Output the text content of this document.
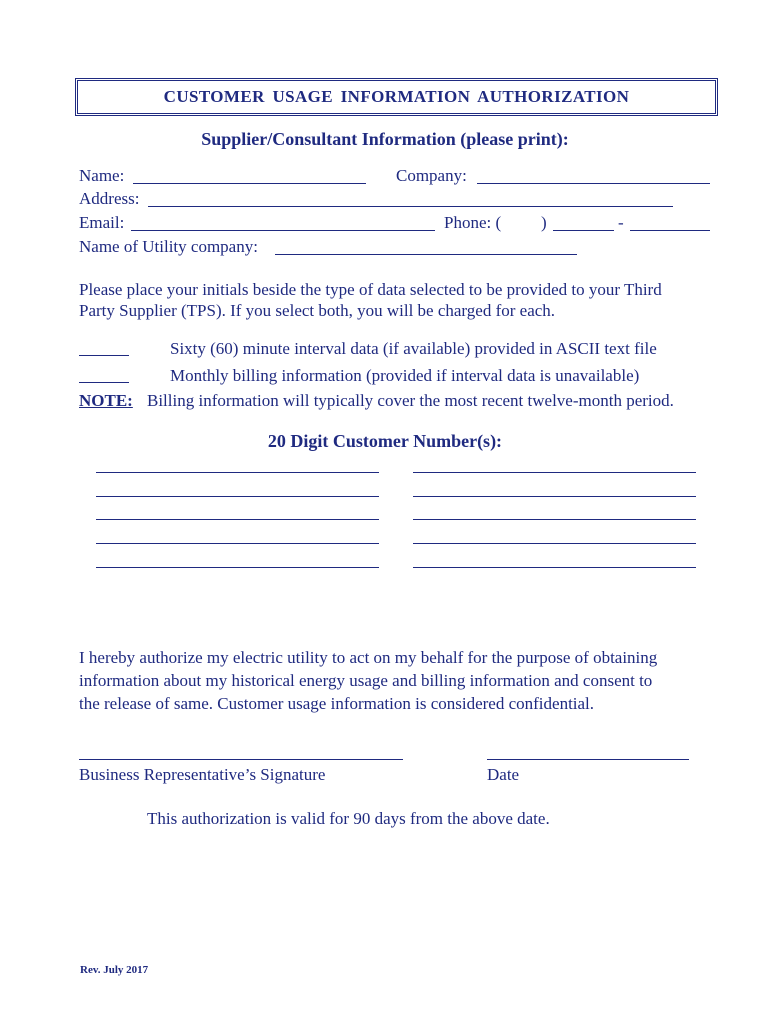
CUSTOMER USAGE INFORMATION AUTHORIZATION
Supplier/Consultant Information (please print):
Name:	Company:
Address:
Email:	Phone: ( )	-
Name of Utility company:
Please place your initials beside the type of data selected to be provided to your Third
Party Supplier (TPS). If you select both, you will be charged for each.
Sixty (60) minute interval data (if available) provided in ASCII text file
Monthly billing information (provided if interval data is unavailable)
NOTE: Billing information will typically cover the most recent twelve-month period.
20 Digit Customer Number(s):
I hereby authorize my electric utility to act on my behalf for the purpose of obtaining
information about my historical energy usage and billing information and consent to
the release of same. Customer usage information is considered confidential.
Business Representative’s Signature	Date
This authorization is valid for 90 days from the above date.
Rev. July 2017
